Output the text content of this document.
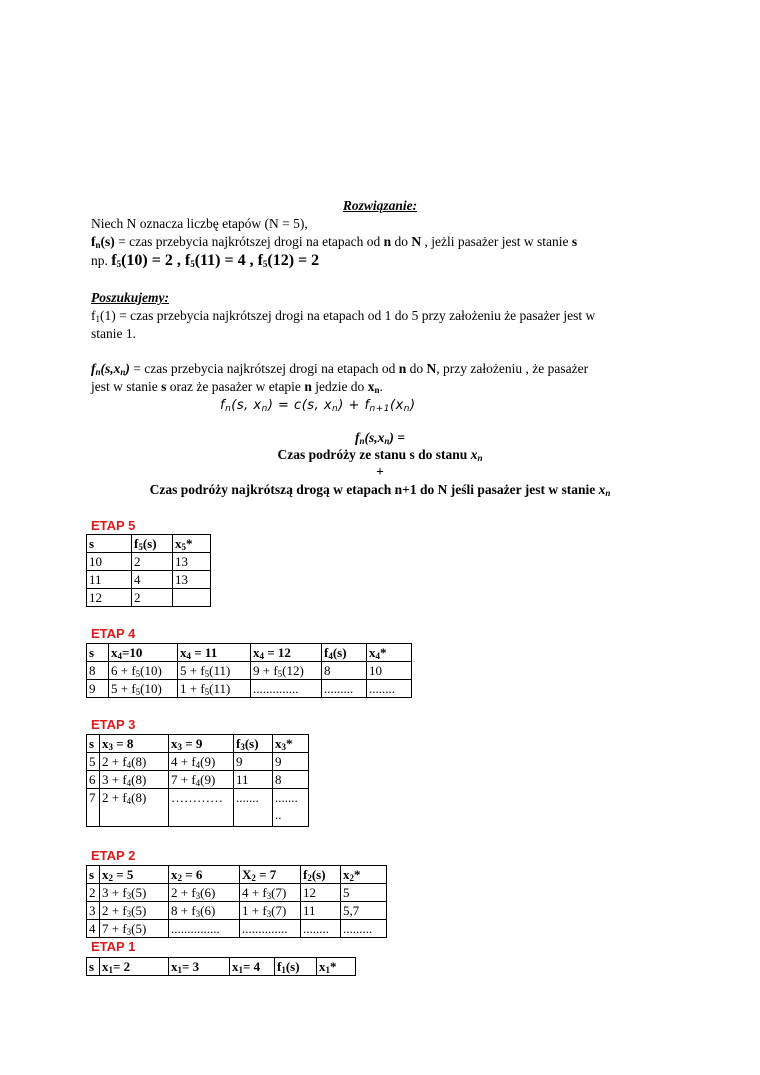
Rozwiązanie:
Niech N oznacza liczbę etapów (N = 5),
$f_n(s)$ = czas przebycia najkrótszej drogi na etapach od n do N , jeżli pasażer jest w stanie s
np. $f_5(10) = 2$ , $f_5(11) = 4$ , $f_5(12) = 2$
Poszukujemy:
$f_1(1)$ = czas przebycia najkrótszej drogi na etapach od 1 do 5 przy założeniu że pasażer jest w
stanie 1.
$f_n(s,x_n)$ = czas przebycia najkrótszej drogi na etapach od n do N, przy założeniu , że pasażer
jest w stanie s oraz że pasażer w etapie n jedzie do $x_n$.
$f_n(s$, $x_n) = c(s$, $x_n) + f_{n+1}(x_n)$
$f_n(s,x_n)$ =
Czas podróży ze stanu s do stanu $x_n$
+
Czas podróży najkrótszą drogą w etapach n+1 do N jeśli pasażer jest w stanie $x_n$
ETAP 5
s	$f_5(s)$	$x_5*$
10	2	13
11	4	13
12	2	
ETAP 4
s	$x_4=10$	$x_4 = 11$	$x_4 = 12$	$f_4(s)$	$x_4*$
8	$6 + f_5(10)$	$5 + f_5(11)$	$9 + f_5(12)$	8	10
9	$5 + f_5(10)$	$1 + f_5(11)$	..............	.........	........
ETAP 3
s	$x_3 = 8$	$x_3 = 9$	$f_3(s)$	$x_3*$
5	$2 + f_4(8)$	$4 + f_4(9)$	9	9
6	$3 + f_4(8)$	$7 + f_4(9)$	11	8
7	$2 + f_4(8)$	…………	.......	.......
..
ETAP 2
s	$x_2 = 5$	$x_2 = 6$	$X_2 = 7$	$f_2(s)$	$x_2*$
2	$3 + f_3(5)$	$2 + f_3(6)$	$4 + f_3(7)$	12	5
3	$2 + f_3(5)$	$8 + f_3(6)$	$1 + f_3(7)$	11	5,7
4	$7 + f_3(5)$	...............	..............	........	.........
ETAP 1
s	$x_1= 2$	$x_1= 3$	$x_1= 4$	$f_1(s)$	$x_1*$
